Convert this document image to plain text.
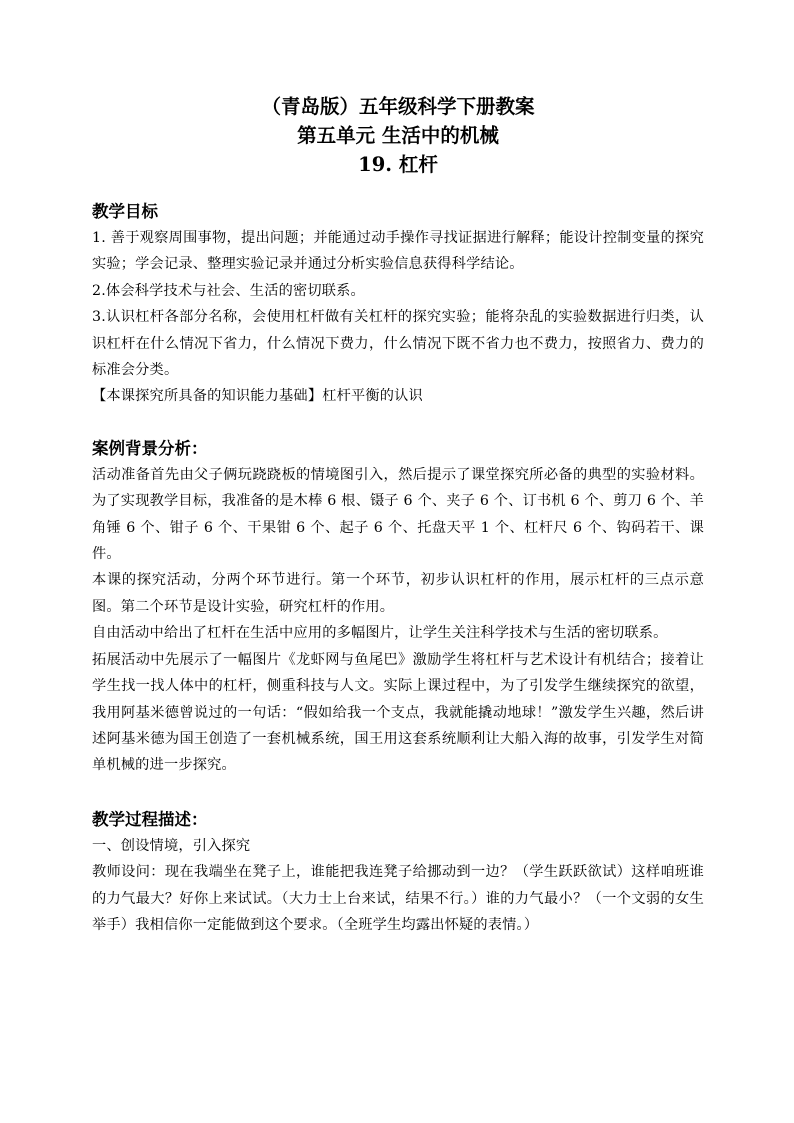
（青岛版）五年级科学下册教案
第五单元 生活中的机械
19. 杠杆

教学目标

1. 善于观察周围事物，提出问题；并能通过动手操作寻找证据进行解释；能设计控制变量的探究实验；学会记录、整理实验记录并通过分析实验信息获得科学结论。

2.体会科学技术与社会、生活的密切联系。

3.认识杠杆各部分名称，会使用杠杆做有关杠杆的探究实验；能将杂乱的实验数据进行归类，认识杠杆在什么情况下省力，什么情况下费力，什么情况下既不省力也不费力，按照省力、费力的标准会分类。

【本课探究所具备的知识能力基础】杠杆平衡的认识

案例背景分析：

活动准备首先由父子俩玩跷跷板的情境图引入，然后提示了课堂探究所必备的典型的实验材料。为了实现教学目标，我准备的是木棒 6 根、镊子 6 个、夹子 6 个、订书机 6 个、剪刀 6 个、羊角锤 6 个、钳子 6 个、干果钳 6 个、起子 6 个、托盘天平 1 个、杠杆尺 6 个、钩码若干、课件。

本课的探究活动，分两个环节进行。第一个环节，初步认识杠杆的作用，展示杠杆的三点示意图。第二个环节是设计实验，研究杠杆的作用。

自由活动中给出了杠杆在生活中应用的多幅图片，让学生关注科学技术与生活的密切联系。

拓展活动中先展示了一幅图片《龙虾网与鱼尾巴》激励学生将杠杆与艺术设计有机结合；接着让学生找一找人体中的杠杆，侧重科技与人文。实际上课过程中，为了引发学生继续探究的欲望，我用阿基米德曾说过的一句话：“假如给我一个支点，我就能撬动地球！”激发学生兴趣，然后讲述阿基米德为国王创造了一套机械系统，国王用这套系统顺利让大船入海的故事，引发学生对简单机械的进一步探究。

教学过程描述：

一、创设情境，引入探究

教师设问：现在我端坐在凳子上，谁能把我连凳子给挪动到一边？（学生跃跃欲试）这样咱班谁的力气最大？好你上来试试。（大力士上台来试，结果不行。）谁的力气最小？（一个文弱的女生举手）我相信你一定能做到这个要求。（全班学生均露出怀疑的表情。）
